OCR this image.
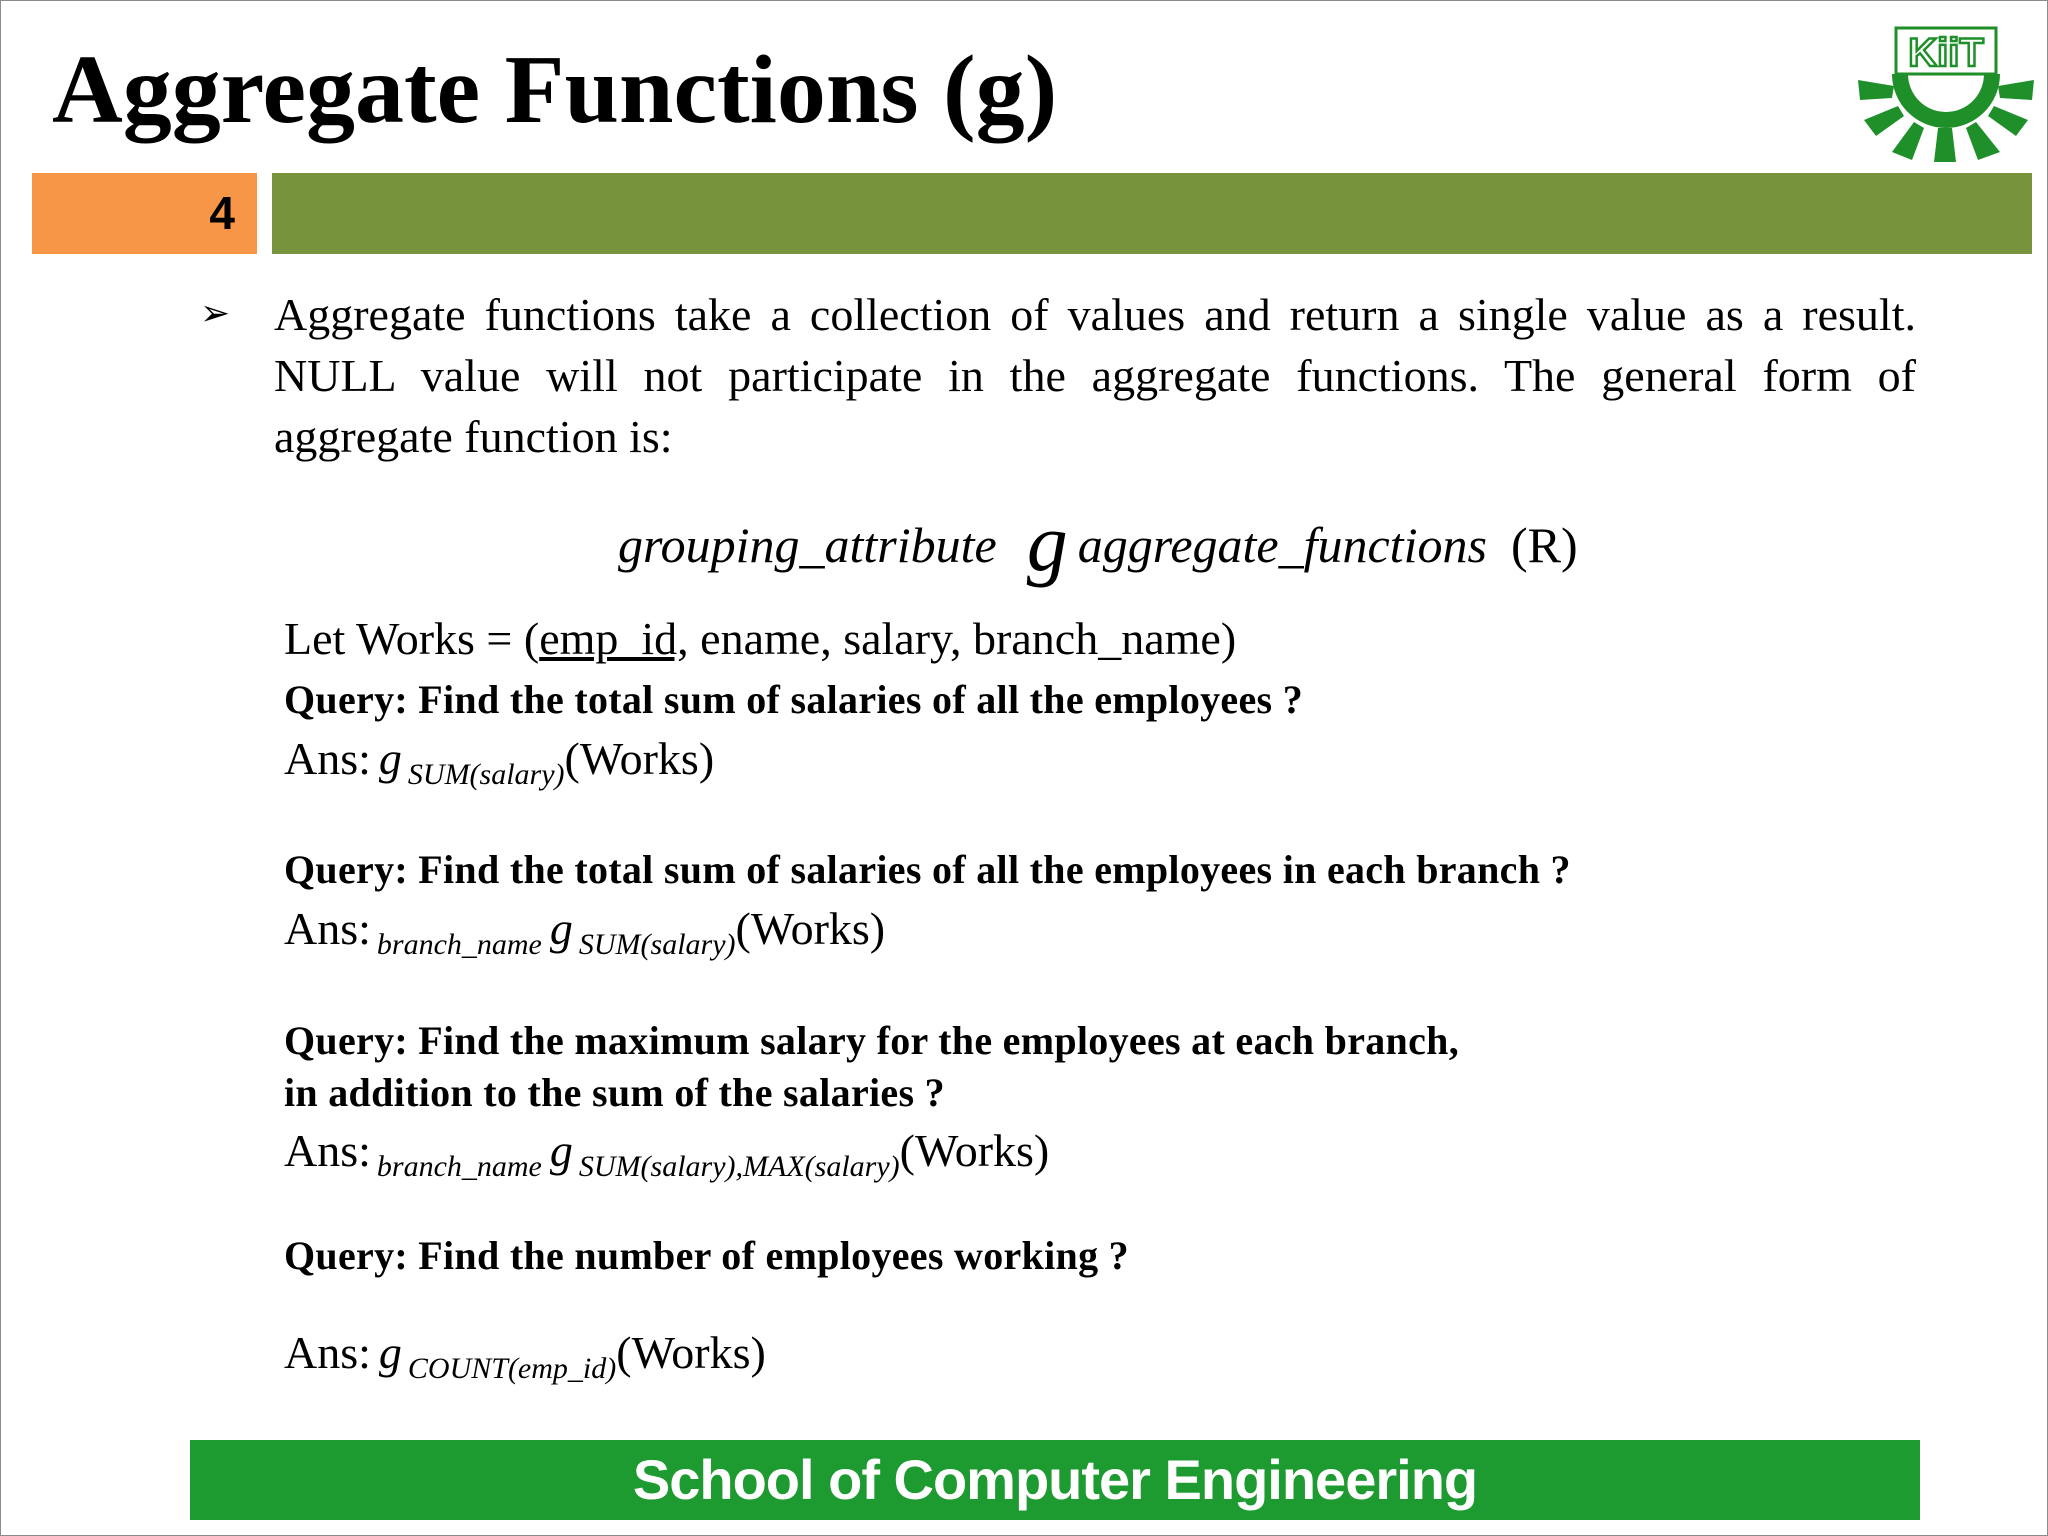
Aggregate Functions (g)	KiiT
4
➢ Aggregate functions take a collection of values and return a single value as a result. NULL value will not participate in the aggregate functions. The general form of aggregate function is:
grouping_attribute g aggregate_functions (R)
Let Works = (emp_id, ename, salary, branch_name)
Query: Find the total sum of salaries of all the employees ?
Ans: g $_{SUM(salary)}$(Works)
Query: Find the total sum of salaries of all the employees in each branch ?
Ans: $_{branch\_name}$ g $_{SUM(salary)}$(Works)
Query: Find the maximum salary for the employees at each branch,
in addition to the sum of the salaries ?
Ans: $_{branch\_name}$ g $_{SUM(salary),MAX(salary)}$(Works)
Query: Find the number of employees working ?
Ans: g $_{COUNT(emp\_id)}$(Works)
School of Computer Engineering
